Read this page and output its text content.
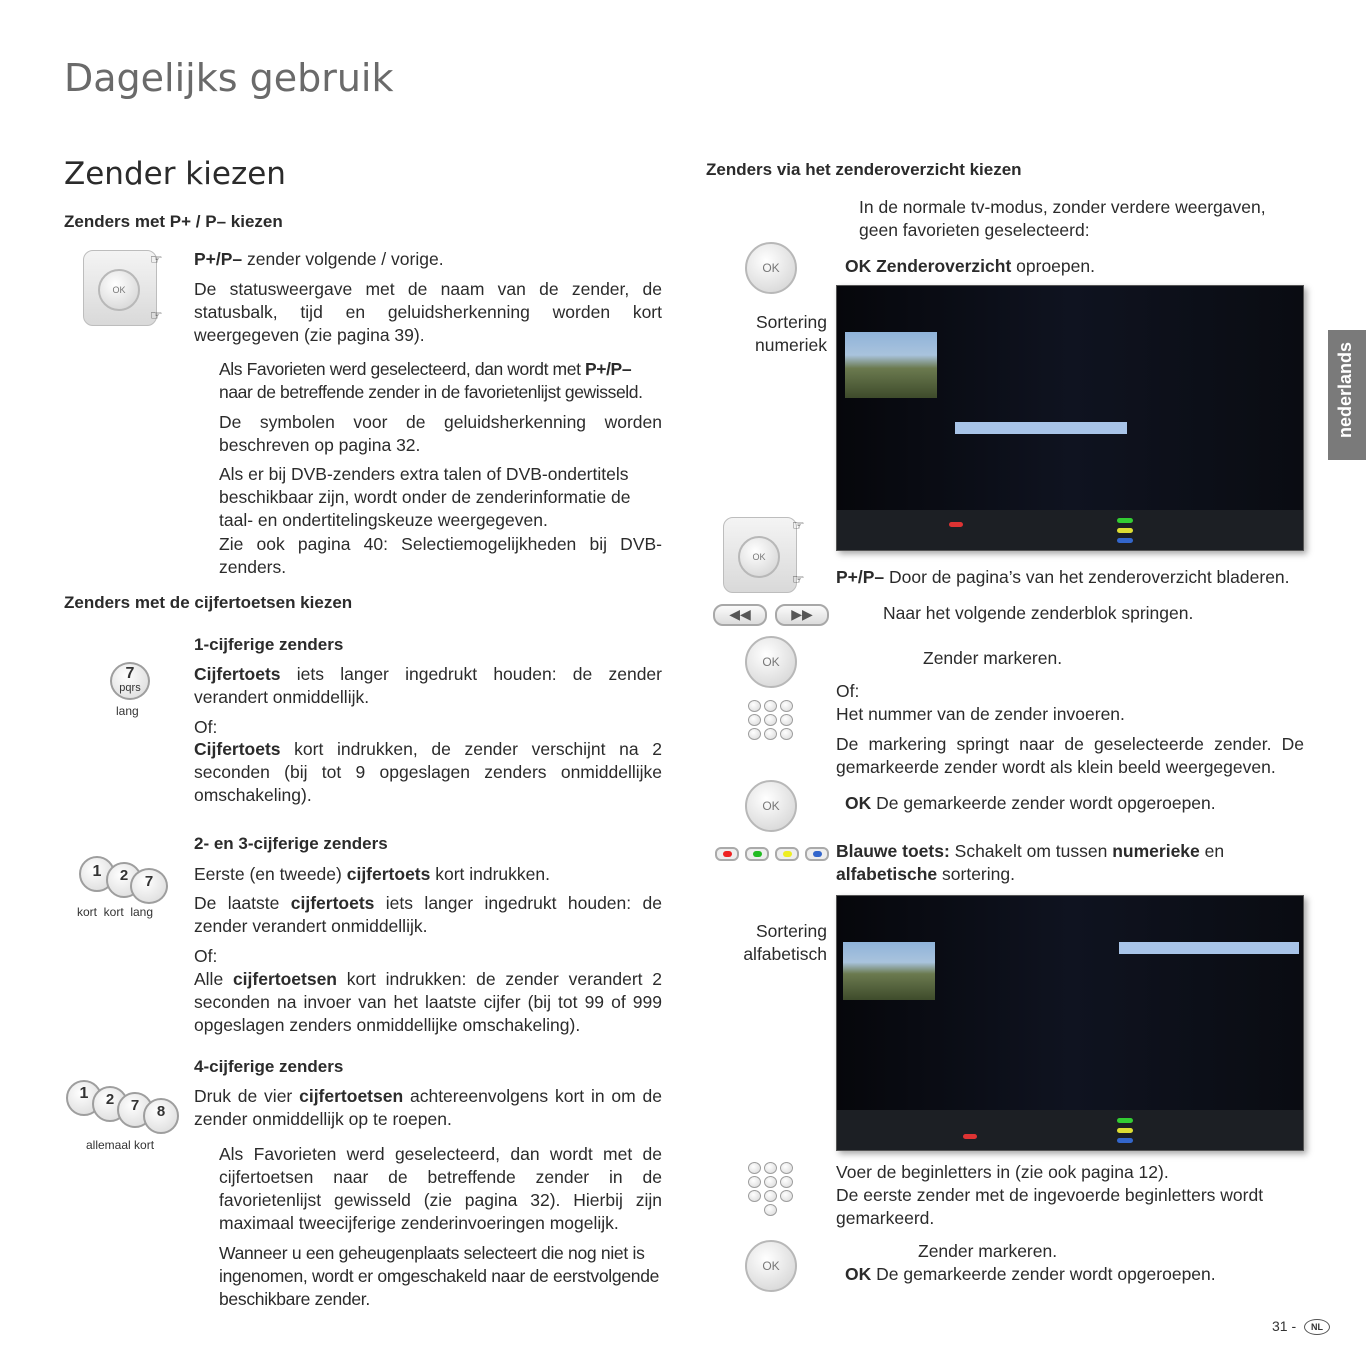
Dagelijks gebruik
nederlands
Zender kiezen
Zenders met P+ / P– kiezen
OK
☞
☞
P+/P– zender volgende / vorige.
De statusweergave met de naam van de zender, de statusbalk, tijd en geluidsherkenning worden kort weergegeven (zie pagina 39).
Als Favorieten werd geselecteerd, dan wordt met P+/P– naar de betreffende zender in de favorietenlijst gewisseld.
De symbolen voor de geluidsherkenning worden beschreven op pagina 32.
Als er bij DVB-zenders extra talen of DVB-ondertitels beschikbaar zijn, wordt onder de zenderinformatie de taal- en ondertitelingskeuze weergegeven.
Zie ook pagina 40: Selectiemogelijkheden bij DVB-zenders.
Zenders met de cijfertoetsen kiezen
7
pqrs
lang
1-cijferige zenders
Cijfertoets iets langer ingedrukt houden: de zender verandert onmiddellijk.
Of:
Cijfertoets kort indrukken, de zender verschijnt na 2 seconden (bij tot 9 opgeslagen zenders onmiddellijke omschakeling).
1	2	7
kort  kort  lang
2- en 3-cijferige zenders
Eerste (en tweede) cijfertoets kort indrukken.
De laatste cijfertoets iets langer ingedrukt houden: de zender verandert onmiddellijk.
Of:
Alle cijfertoetsen kort indrukken: de zender verandert 2 seconden na invoer van het laatste cijfer (bij tot 99 of 999 opgeslagen zenders onmiddellijke omschakeling).
1	2	7	8
allemaal kort
4-cijferige zenders
Druk de vier cijfertoetsen achtereenvolgens kort in om de zender onmiddellijk op te roepen.
Als Favorieten werd geselecteerd, dan wordt met de cijfertoetsen naar de betreffende zender in de favorietenlijst gewisseld (zie pagina 32). Hierbij zijn maximaal tweecijferige zenderinvoeringen mogelijk.
Wanneer u een geheugenplaats selecteert die nog niet is ingenomen, wordt er omgeschakeld naar de eerstvolgende beschikbare zender.
Zenders via het zenderoverzicht kiezen
In de normale tv-modus, zonder verdere weergaven, geen favorieten geselecteerd:
OK	OK Zenderoverzicht oproepen.
Sortering numeriek
OK
☞
☞ P+/P– Door de pagina’s van het zenderoverzicht bladeren.
◀◀	▶▶	Naar het volgende zenderblok springen.
OK	Zender markeren.
Of:
Het nummer van de zender invoeren.
De markering springt naar de geselecteerde zender. De gemarkeerde zender wordt als klein beeld weergegeven.
OK	OK De gemarkeerde zender wordt opgeroepen.
Blauwe toets: Schakelt om tussen numerieke en alfabetische sortering.
Sortering alfabetisch
Voer de beginletters in (zie ook pagina 12).
De eerste zender met de ingevoerde beginletters wordt gemarkeerd.
OK
Zender markeren.
OK De gemarkeerde zender wordt opgeroepen.
31 -	NL
